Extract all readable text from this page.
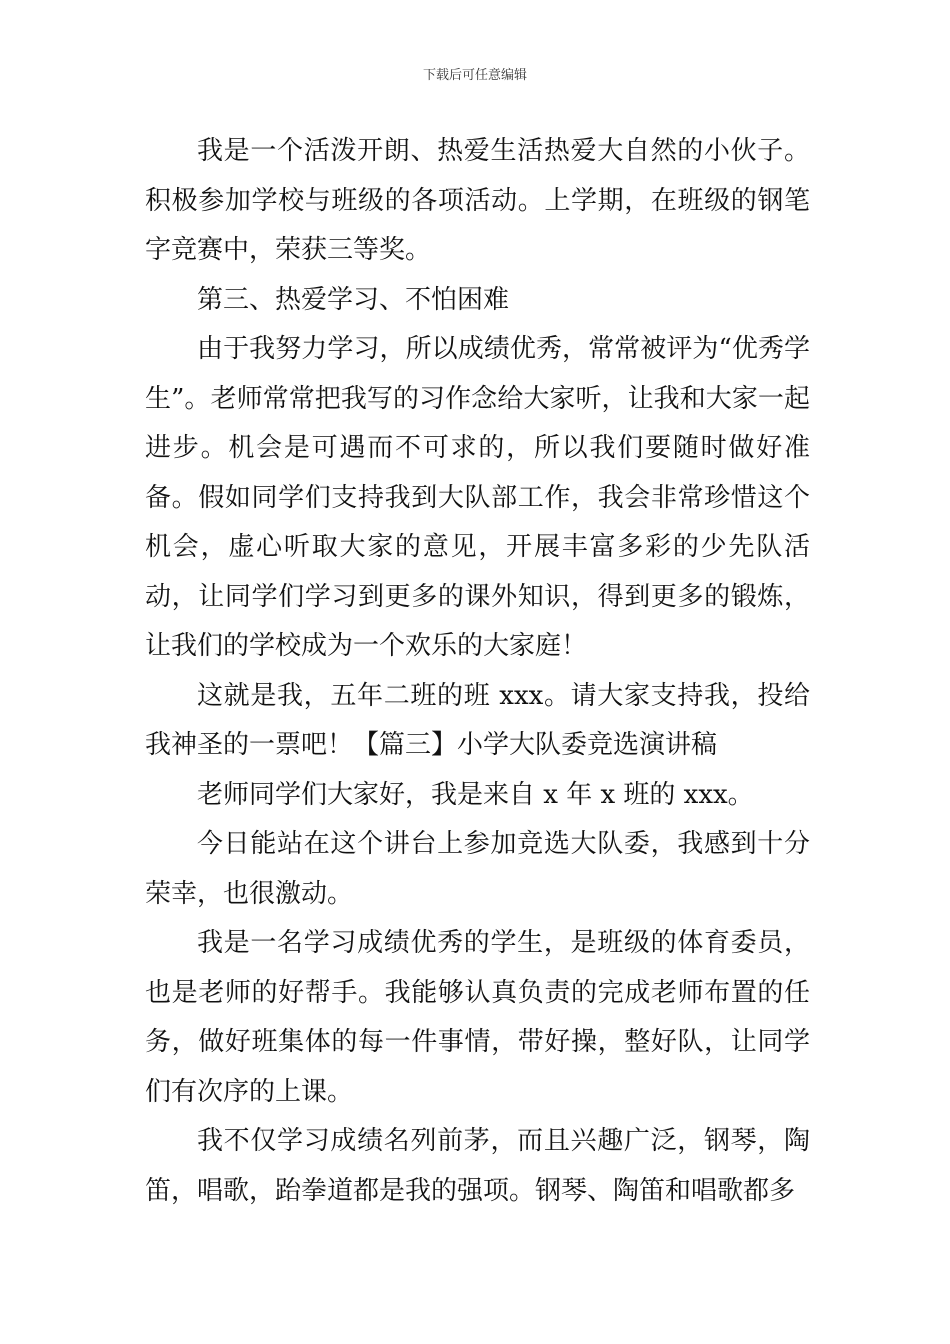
下载后可任意编辑

我是一个活泼开朗、热爱生活热爱大自然的小伙子。积极参加学校与班级的各项活动。上学期，在班级的钢笔字竞赛中，荣获三等奖。

第三、热爱学习、不怕困难

由于我努力学习，所以成绩优秀，常常被评为“优秀学生”。老师常常把我写的习作念给大家听，让我和大家一起进步。机会是可遇而不可求的，所以我们要随时做好准备。假如同学们支持我到大队部工作，我会非常珍惜这个机会，虚心听取大家的意见，开展丰富多彩的少先队活动，让同学们学习到更多的课外知识，得到更多的锻炼，让我们的学校成为一个欢乐的大家庭！

这就是我，五年二班的班 xxx。请大家支持我，投给我神圣的一票吧！【篇三】小学大队委竞选演讲稿

老师同学们大家好，我是来自 x 年 x 班的 xxx。

今日能站在这个讲台上参加竞选大队委，我感到十分荣幸，也很激动。

我是一名学习成绩优秀的学生，是班级的体育委员，也是老师的好帮手。我能够认真负责的完成老师布置的任务，做好班集体的每一件事情，带好操，整好队，让同学们有次序的上课。

我不仅学习成绩名列前茅，而且兴趣广泛，钢琴，陶笛，唱歌，跆拳道都是我的强项。钢琴、陶笛和唱歌都多
